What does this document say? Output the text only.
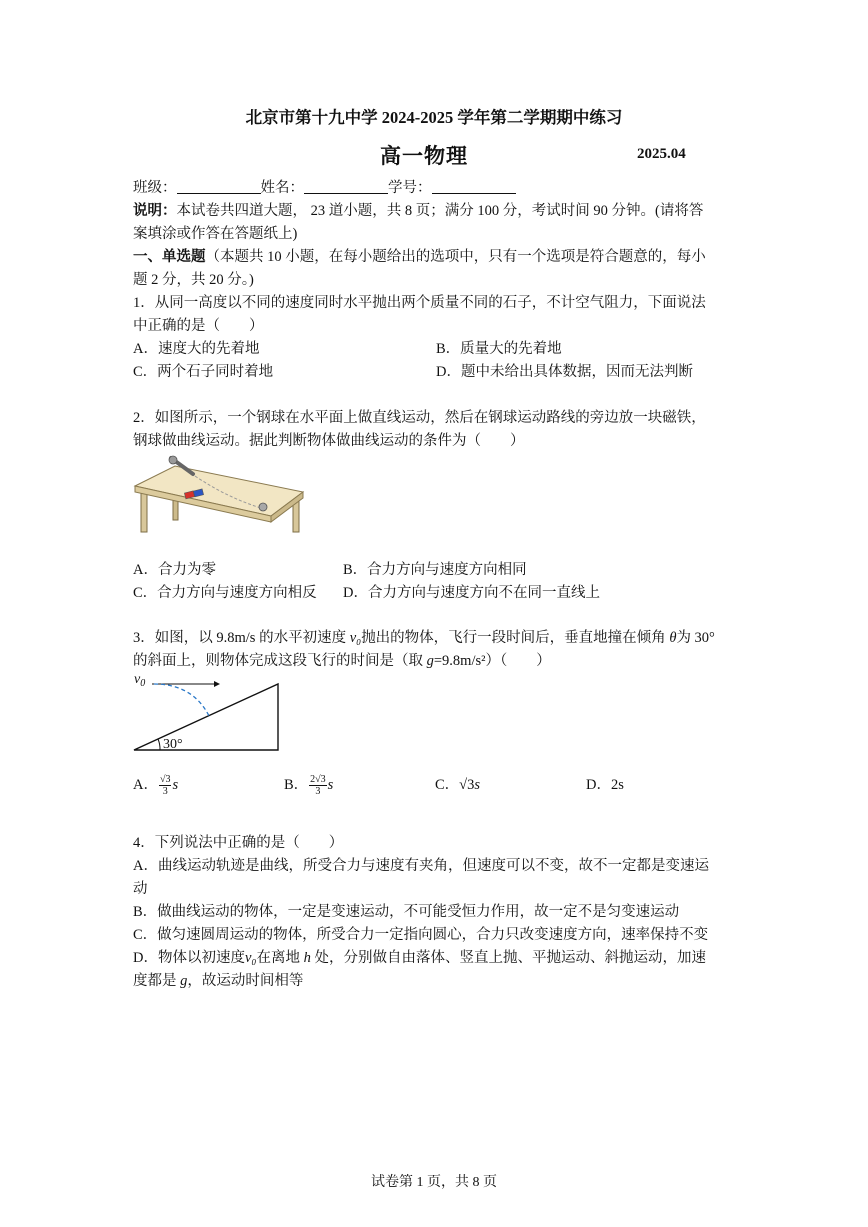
北京市第十九中学 2024-2025 学年第二学期期中练习
高一物理	2025.04
班级：	姓名：	学号：
说明：本试卷共四道大题， 23 道小题，共 8 页；满分 100 分，考试时间 90 分钟。(请将答
案填涂或作答在答题纸上)
一、单选题（本题共 10 小题，在每小题给出的选项中，只有一个选项是符合题意的，每小
题 2 分，共 20 分。)
1．从同一高度以不同的速度同时水平抛出两个质量不同的石子，不计空气阻力，下面说法
中正确的是（　　）
A．速度大的先着地	B．质量大的先着地
C．两个石子同时着地	D．题中未给出具体数据，因而无法判断
2．如图所示，一个钢球在水平面上做直线运动，然后在钢球运动路线的旁边放一块磁铁，
钢球做曲线运动。据此判断物体做曲线运动的条件为（　　）
A．合力为零	B．合力方向与速度方向相同
C．合力方向与速度方向相反 D．合力方向与速度方向不在同一直线上
3．如图，以 9.8m/s 的水平初速度 v₀抛出的物体，飞行一段时间后，垂直地撞在倾角 θ为 30°
的斜面上，则物体完成这段飞行的时间是（取 g=9.8m/s²）（　　）
$v_0$
30°
A． $\frac{√3}{3}$ s	B． $\frac{2√3}{3}$ s	C．√3s	D．2s
4．下列说法中正确的是（　　）
A．曲线运动轨迹是曲线，所受合力与速度有夹角，但速度可以不变，故不一定都是变速运
动
B．做曲线运动的物体，一定是变速运动，不可能受恒力作用，故一定不是匀变速运动
C．做匀速圆周运动的物体，所受合力一定指向圆心，合力只改变速度方向，速率保持不变
D．物体以初速度v₀在离地 h 处，分别做自由落体、竖直上抛、平抛运动、斜抛运动，加速
度都是 g，故运动时间相等
试卷第 1 页，共 8 页
